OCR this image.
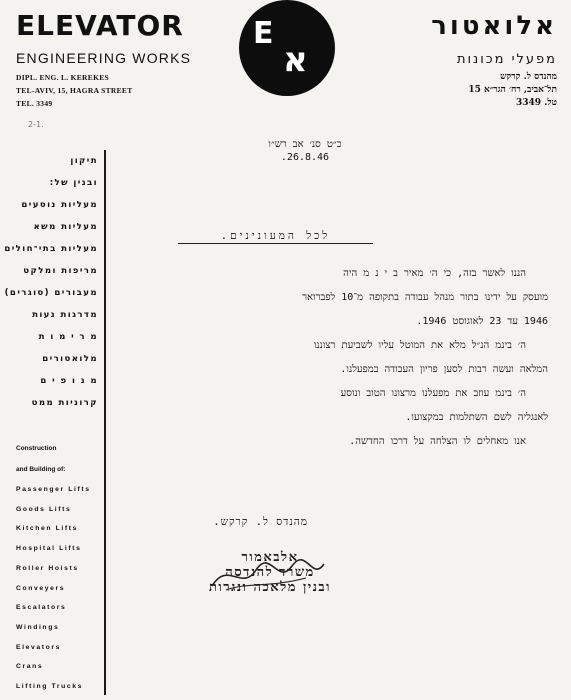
ELEVATOR
ENGINEERING WORKS
DIPL. ENG. L. KEREKES
TEL-AVIV, 15, HAGRA STREET
TEL. 3349
E
א
אלואטור
מפעלי מכונות
מהנדס ל. קרקש
תל־אביב, רח׳ הגר״א 15
טל. 3349
2-1.
תיקון
ובנין של:
מעליות נוסעים
מעליות משא
מעליות בתי־חולים
מריפות ומלקט
מעבורים (סוגרים)
מדרגות נעות
מ ר י מ ו ת
מלואסורים
מ נ ו פ י ם
קרוניות ממט
Construction
and Building of:
Passenger Lifts
Goods Lifts
Kitchen Lifts
Hospital Lifts
Roller Hoists
Conveyers
Escalators
Windings
Elevators
Crans
Lifting Trucks
כ״ט סנ׳ אב רש״ו
.26.8.46
לכל המעונינים.

הננו לאשר בזה, כי ה׳ מאיר ב י נ מ היה

מועסק על ידינו בתור מנהל עבודה בתקופה מ־10 לפברואר

1946 עד 23 לאוגוסט 1946.

ה׳ בינמ הנ״ל מלא את המוטל עליו לשביעת רצוננו

המלאה ועשה רבות לסען פריון העבודה במפעלנו.

ה׳ בינמ עוזב את מפעלנו מרצונו הטוב ונוסע

לאנגליה לשם השתלמות במקצועו.

אנו מאחלים לו הצלחה על דרכו החדשה.

מהנדס ל. קרקש.
אלבאמור
משרד להנדסה
ובנין מלאכה ונגרות
